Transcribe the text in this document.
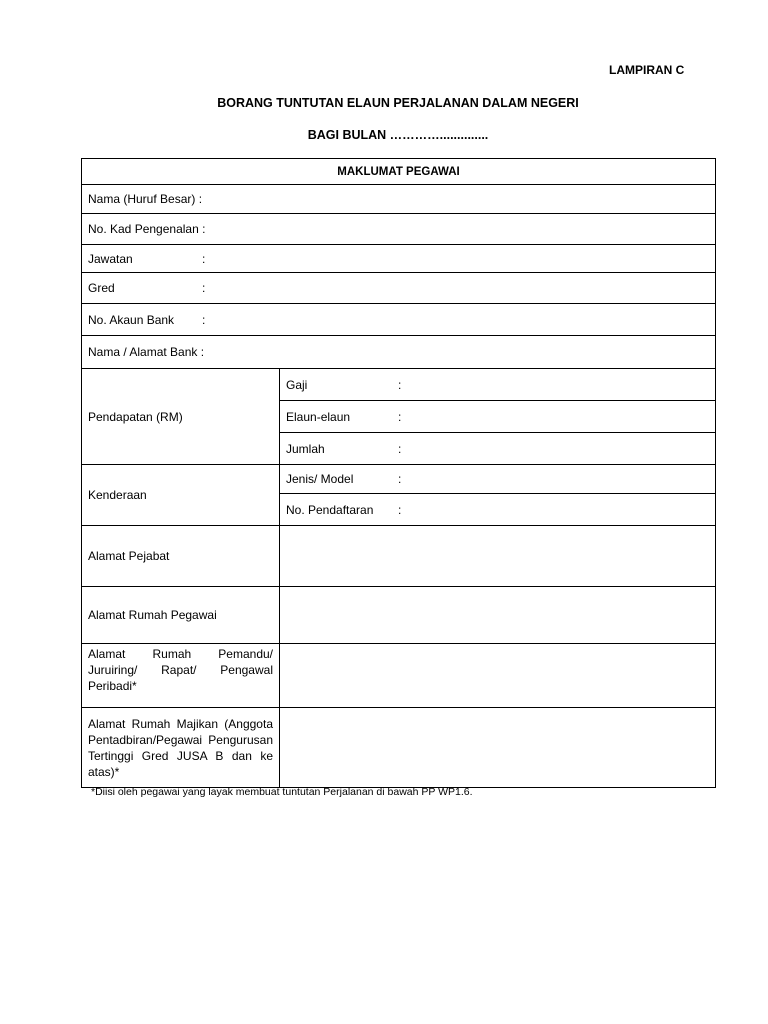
LAMPIRAN C
BORANG TUNTUTAN ELAUN PERJALANAN DALAM NEGERI
BAGI BULAN …………..............
MAKLUMAT PEGAWAI	
Nama (Huruf Besar) :	
No. Kad Pengenalan :	
Jawatan :	
Gred :	
No. Akaun Bank :	
Nama / Alamat Bank :	
Pendapatan (RM)	Gaji :
	Elaun-elaun :
	Jumlah :
Kenderaan	Jenis/ Model :
	No. Pendaftaran :
Alamat Pejabat	
Alamat Rumah Pegawai	
Alamat Rumah Pemandu/ Juruiring/ Rapat/ Pengawal Peribadi*	
Alamat Rumah Majikan (Anggota Pentadbiran/Pegawai Pengurusan Tertinggi Gred JUSA B dan ke atas)*	
*Diisi oleh pegawai yang layak membuat tuntutan Perjalanan di bawah PP WP1.6.
